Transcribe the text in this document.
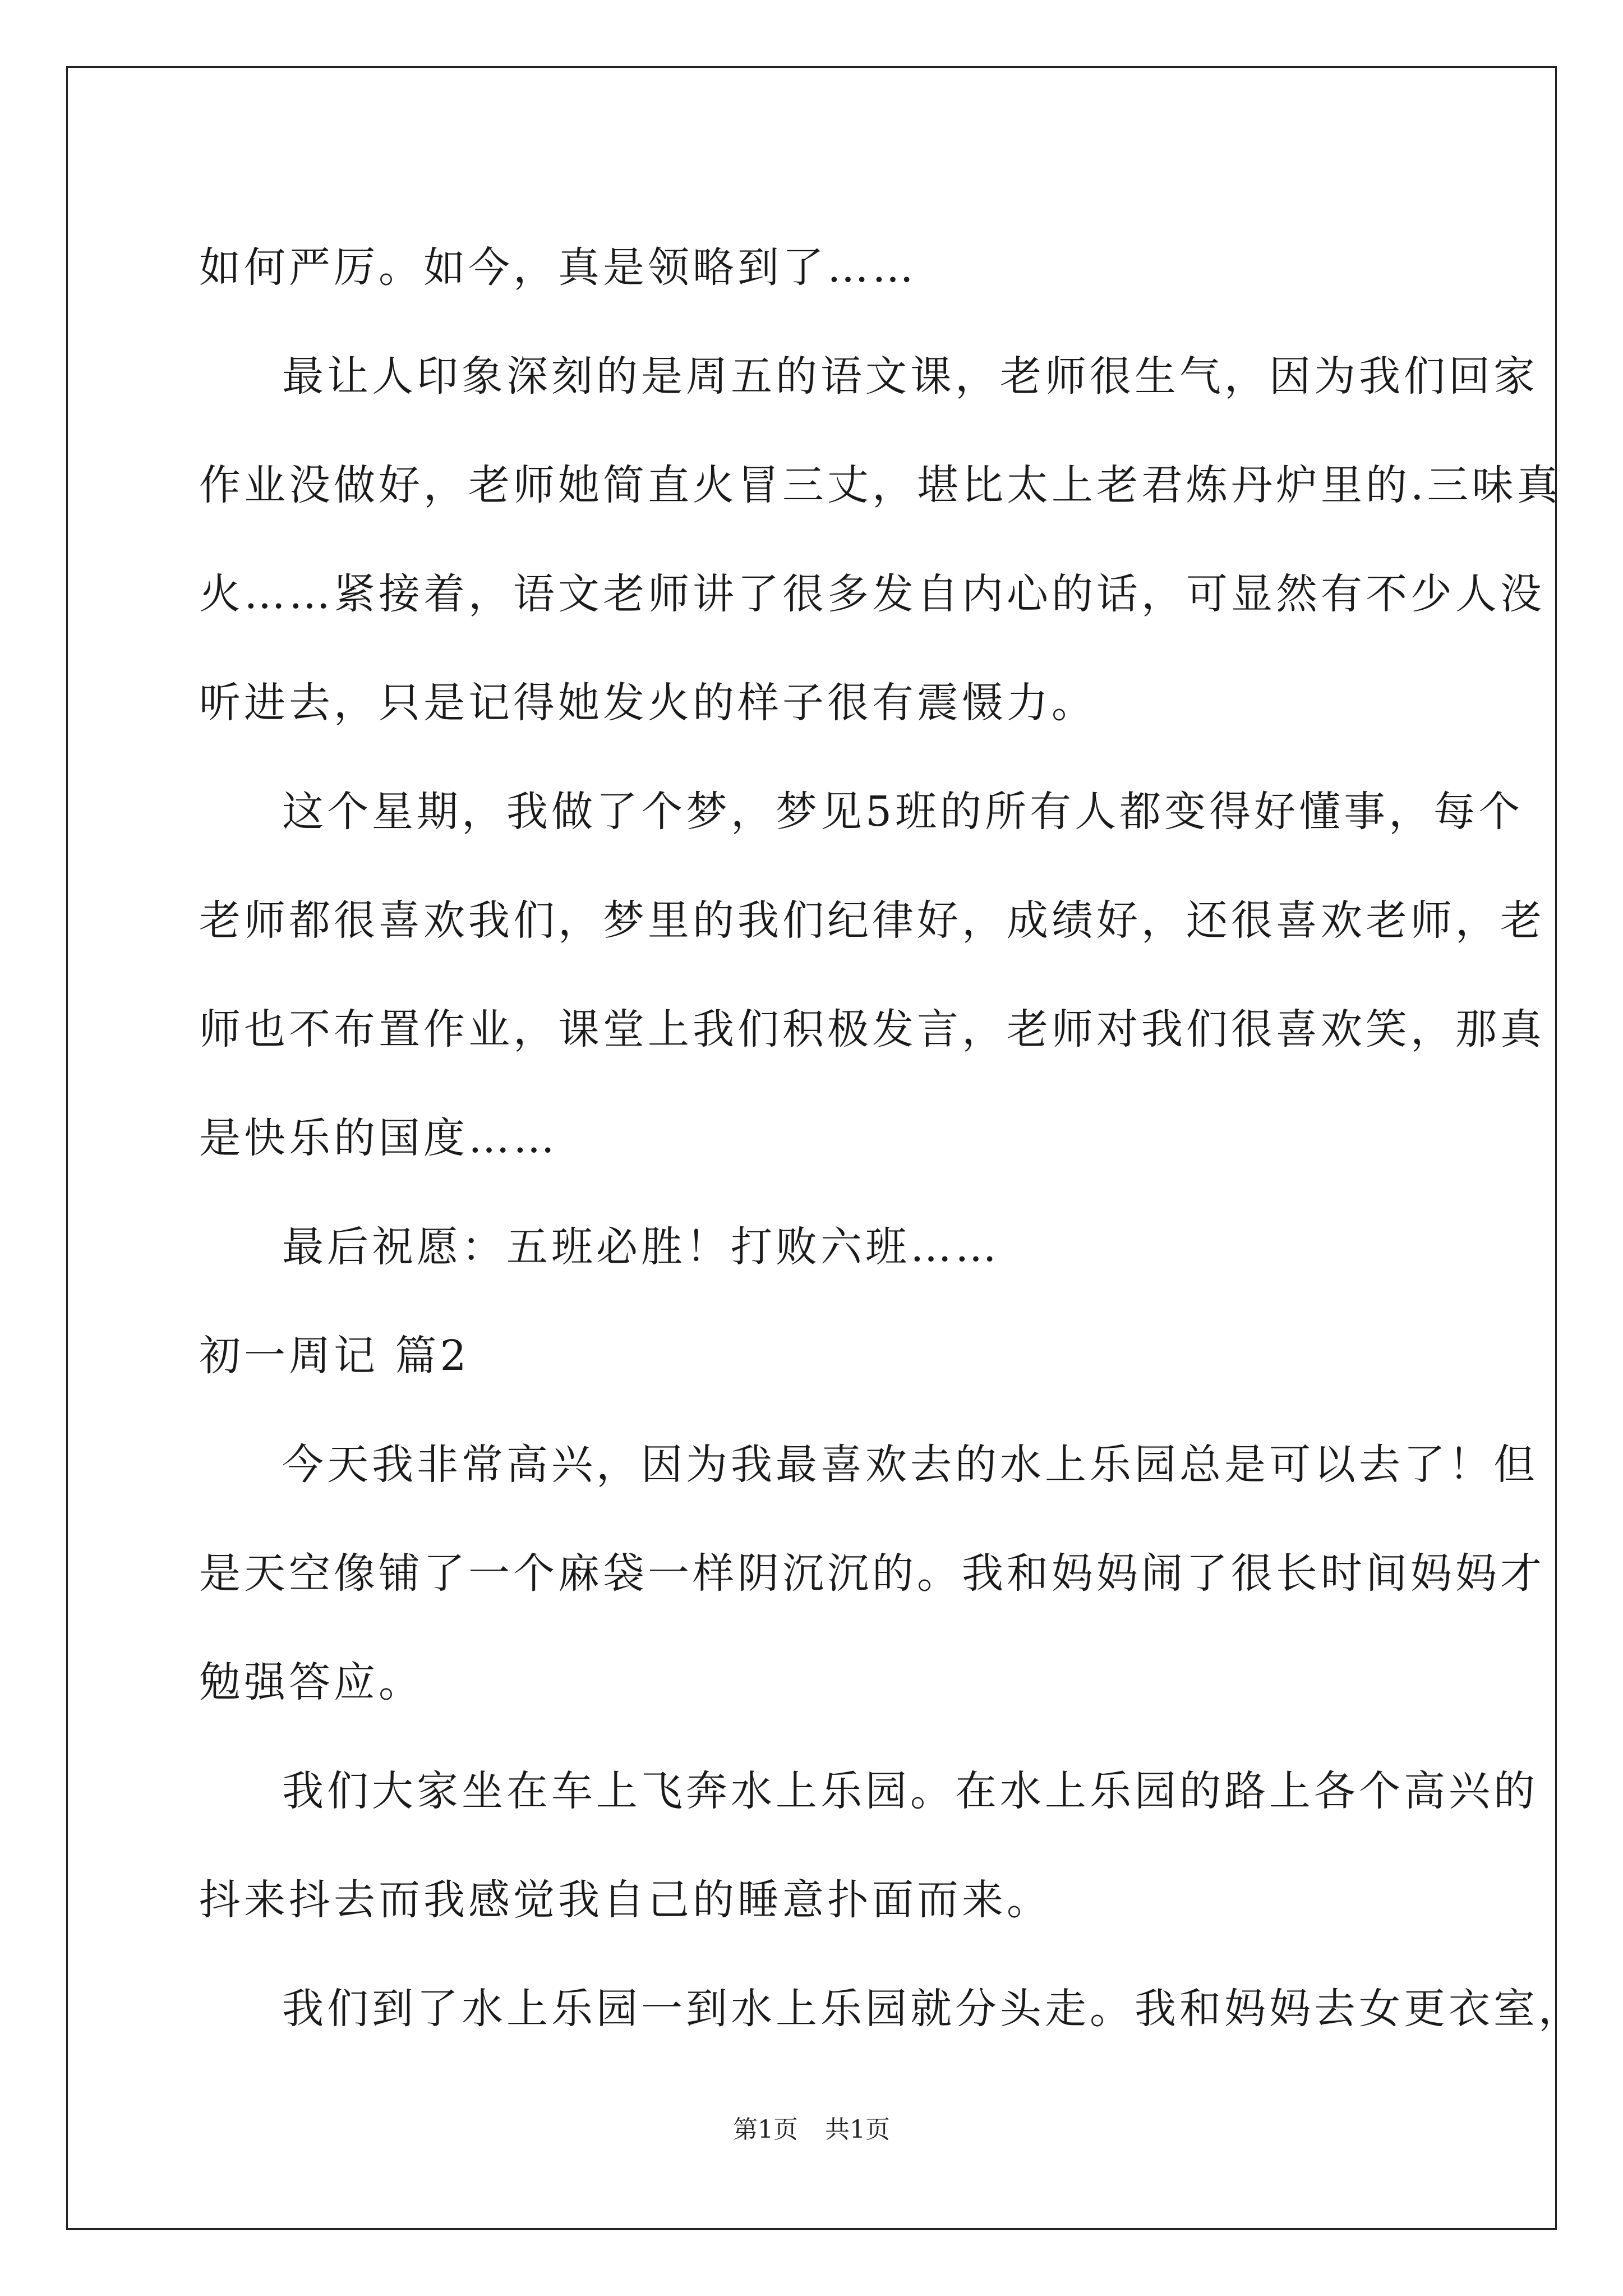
如何严厉。如今，真是领略到了……
最让人印象深刻的是周五的语文课，老师很生气，因为我们回家
作业没做好，老师她简直火冒三丈，堪比太上老君炼丹炉里的.三味真
火……紧接着，语文老师讲了很多发自内心的话，可显然有不少人没
听进去，只是记得她发火的样子很有震慑力。
这个星期，我做了个梦，梦见5班的所有人都变得好懂事，每个
老师都很喜欢我们，梦里的我们纪律好，成绩好，还很喜欢老师，老
师也不布置作业，课堂上我们积极发言，老师对我们很喜欢笑，那真
是快乐的国度……
最后祝愿：五班必胜！打败六班……
初一周记 篇2
今天我非常高兴，因为我最喜欢去的水上乐园总是可以去了！但
是天空像铺了一个麻袋一样阴沉沉的。我和妈妈闹了很长时间妈妈才
勉强答应。
我们大家坐在车上飞奔水上乐园。在水上乐园的路上各个高兴的
抖来抖去而我感觉我自己的睡意扑面而来。
我们到了水上乐园一到水上乐园就分头走。我和妈妈去女更衣室，
第1页 共1页
